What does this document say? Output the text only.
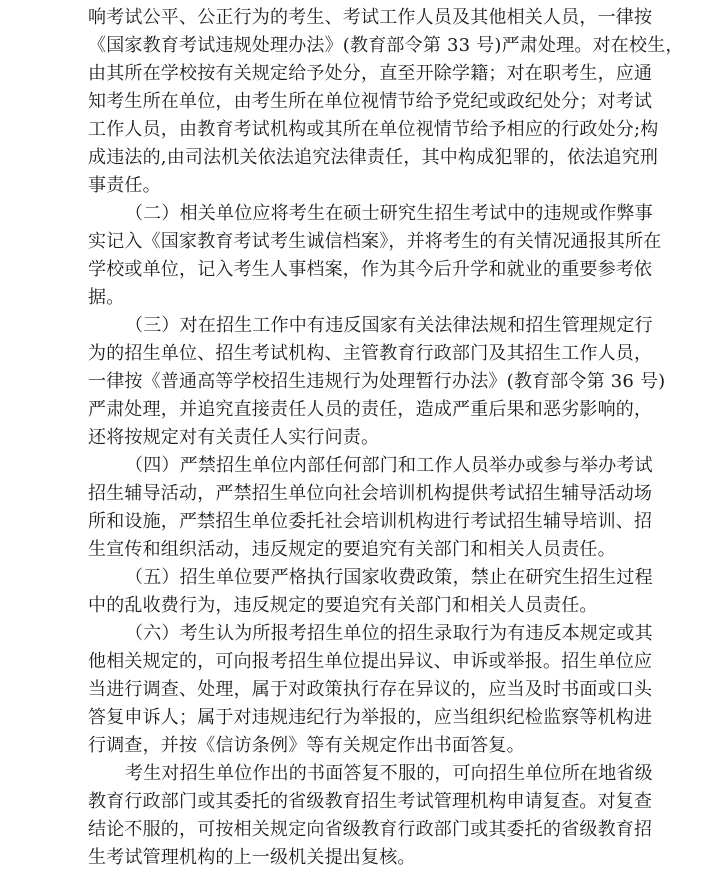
响考试公平、公正行为的考生、考试工作人员及其他相关人员，一律按
《国家教育考试违规处理办法》(教育部令第 33 号)严肃处理。对在校生，
由其所在学校按有关规定给予处分，直至开除学籍；对在职考生，应通
知考生所在单位，由考生所在单位视情节给予党纪或政纪处分；对考试
工作人员，由教育考试机构或其所在单位视情节给予相应的行政处分;构
成违法的,由司法机关依法追究法律责任，其中构成犯罪的，依法追究刑
事责任。
（二）相关单位应将考生在硕士研究生招生考试中的违规或作弊事
实记入《国家教育考试考生诚信档案》，并将考生的有关情况通报其所在
学校或单位，记入考生人事档案，作为其今后升学和就业的重要参考依
据。
（三）对在招生工作中有违反国家有关法律法规和招生管理规定行
为的招生单位、招生考试机构、主管教育行政部门及其招生工作人员，
一律按《普通高等学校招生违规行为处理暂行办法》(教育部令第 36 号)
严肃处理，并追究直接责任人员的责任，造成严重后果和恶劣影响的，
还将按规定对有关责任人实行问责。
（四）严禁招生单位内部任何部门和工作人员举办或参与举办考试
招生辅导活动，严禁招生单位向社会培训机构提供考试招生辅导活动场
所和设施，严禁招生单位委托社会培训机构进行考试招生辅导培训、招
生宣传和组织活动，违反规定的要追究有关部门和相关人员责任。
（五）招生单位要严格执行国家收费政策，禁止在研究生招生过程
中的乱收费行为，违反规定的要追究有关部门和相关人员责任。
（六）考生认为所报考招生单位的招生录取行为有违反本规定或其
他相关规定的，可向报考招生单位提出异议、申诉或举报。招生单位应
当进行调查、处理，属于对政策执行存在异议的，应当及时书面或口头
答复申诉人；属于对违规违纪行为举报的，应当组织纪检监察等机构进
行调查，并按《信访条例》等有关规定作出书面答复。
考生对招生单位作出的书面答复不服的，可向招生单位所在地省级
教育行政部门或其委托的省级教育招生考试管理机构申请复查。对复查
结论不服的，可按相关规定向省级教育行政部门或其委托的省级教育招
生考试管理机构的上一级机关提出复核。
